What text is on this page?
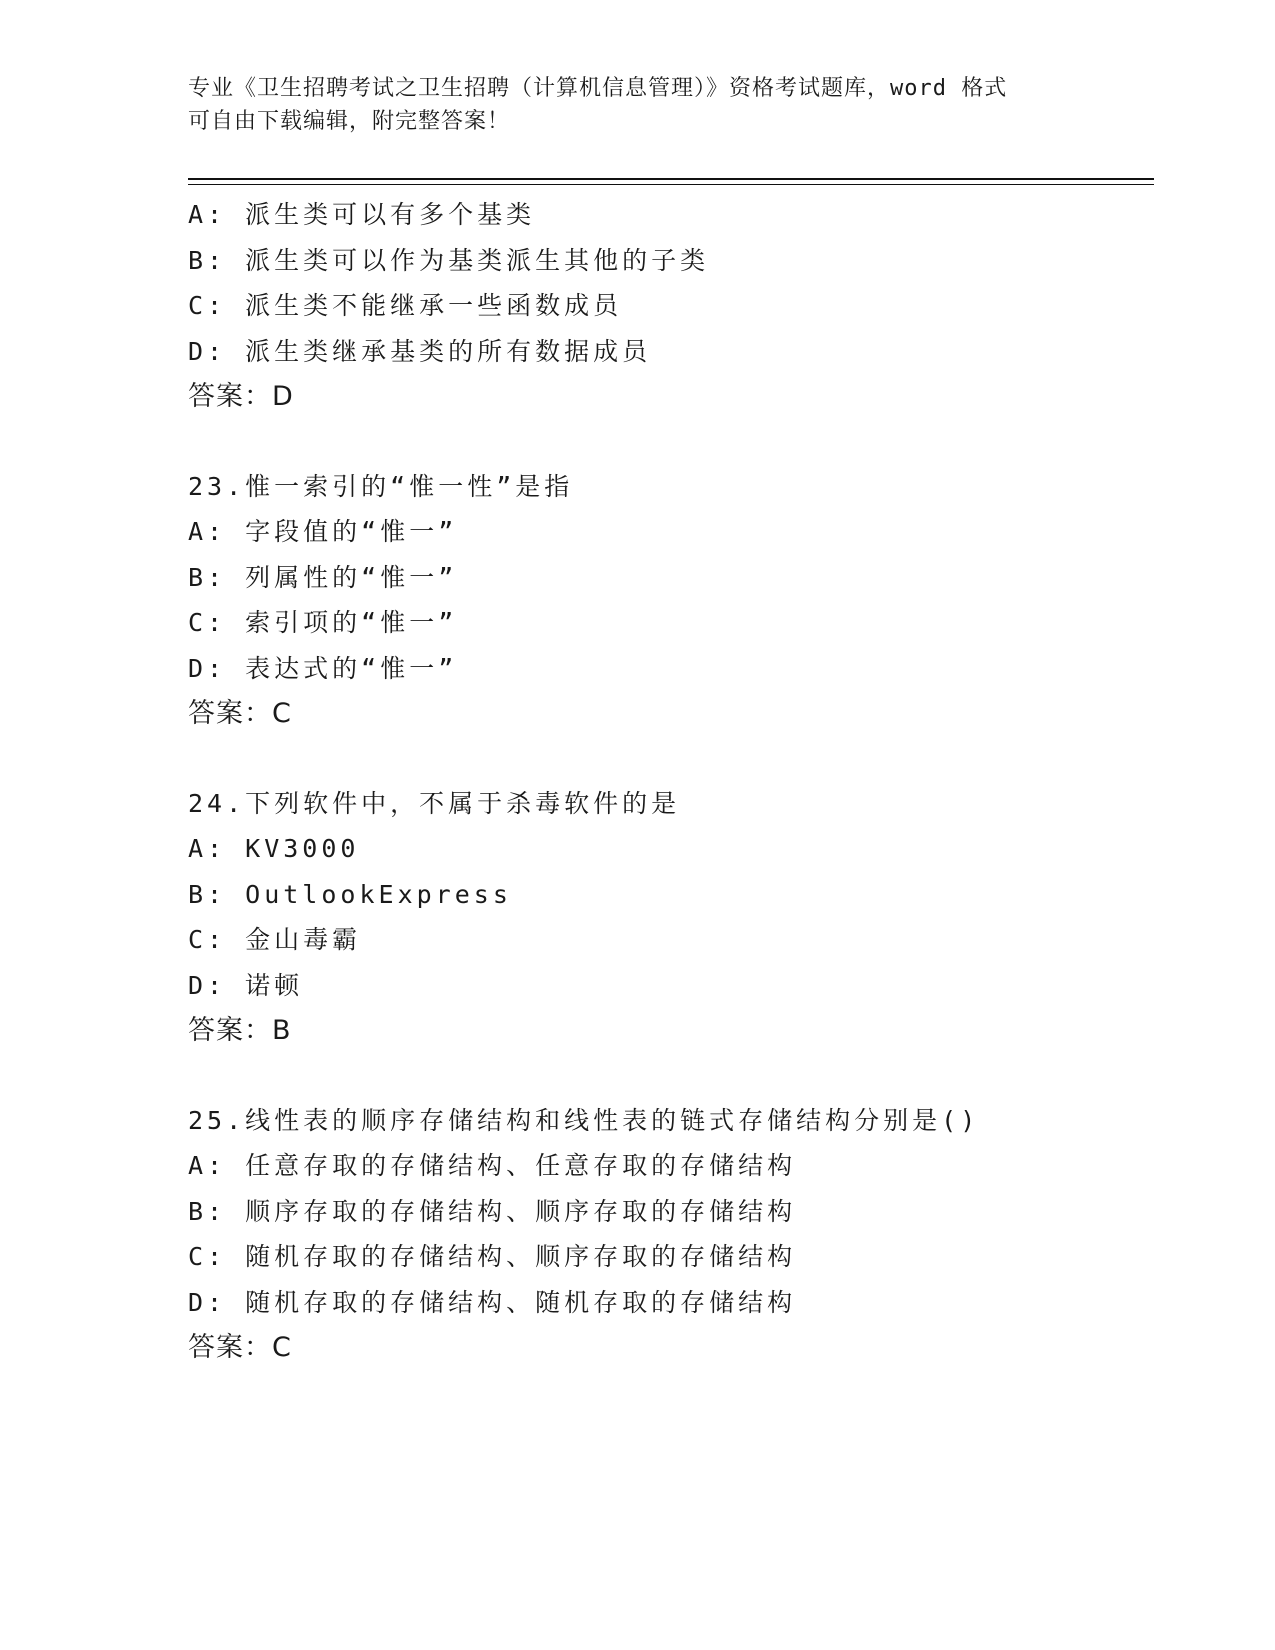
专业《卫生招聘考试之卫生招聘（计算机信息管理）》资格考试题库，word 格式
可自由下载编辑，附完整答案！
A: 派生类可以有多个基类
B: 派生类可以作为基类派生其他的子类
C: 派生类不能继承一些函数成员
D: 派生类继承基类的所有数据成员
答案：D
23.惟一索引的“惟一性”是指
A: 字段值的“惟一”
B: 列属性的“惟一”
C: 索引项的“惟一”
D: 表达式的“惟一”
答案：C
24.下列软件中，不属于杀毒软件的是
A: KV3000
B: OutlookExpress
C: 金山毒霸
D: 诺顿
答案：B
25.线性表的顺序存储结构和线性表的链式存储结构分别是()
A: 任意存取的存储结构、任意存取的存储结构
B: 顺序存取的存储结构、顺序存取的存储结构
C: 随机存取的存储结构、顺序存取的存储结构
D: 随机存取的存储结构、随机存取的存储结构
答案：C
